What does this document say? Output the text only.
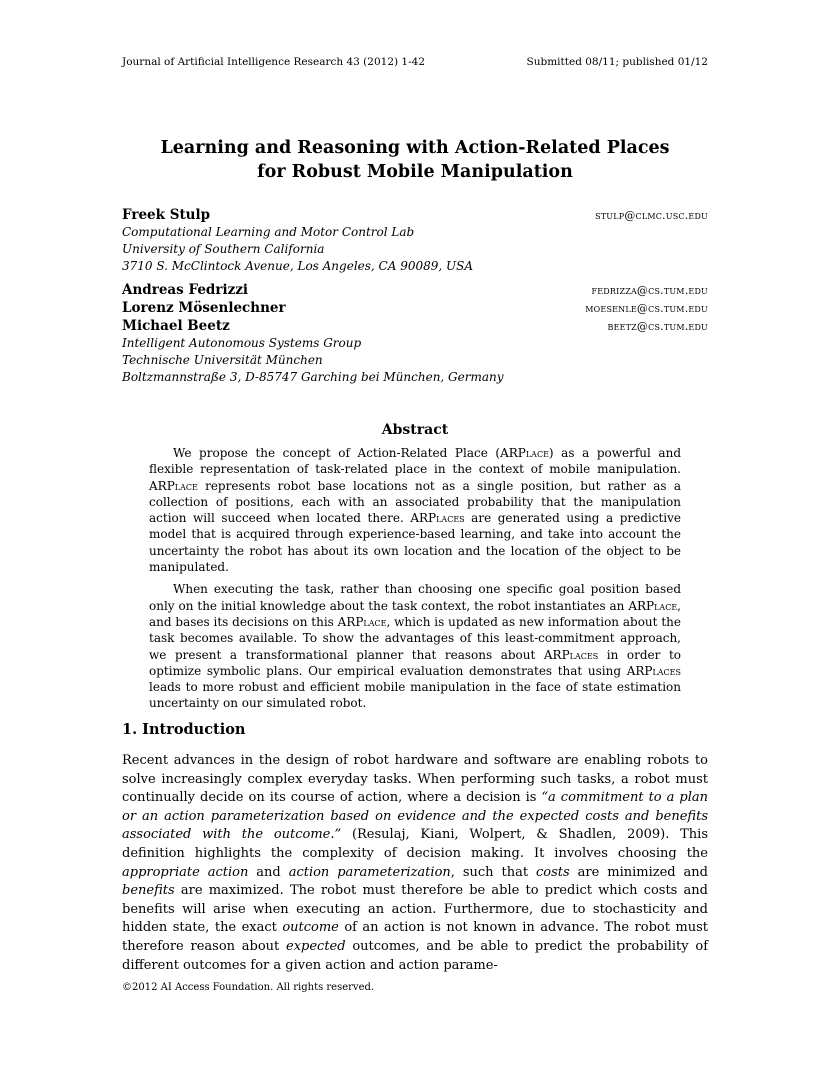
Journal of Artificial Intelligence Research 43 (2012) 1-42	Submitted 08/11; published 01/12
Learning and Reasoning with Action-Related Places
for Robust Mobile Manipulation
Freek Stulp	stulp@clmc.usc.edu
Computational Learning and Motor Control Lab
University of Southern California
3710 S. McClintock Avenue, Los Angeles, CA 90089, USA
Andreas Fedrizzi	fedrizza@cs.tum.edu
Lorenz Mösenlechner	moesenle@cs.tum.edu
Michael Beetz	beetz@cs.tum.edu
Intelligent Autonomous Systems Group
Technische Universität München
Boltzmannstraße 3, D-85747 Garching bei München, Germany
Abstract

We propose the concept of Action-Related Place (ARPlace) as a powerful and flexible representation of task-related place in the context of mobile manipulation. ARPlace represents robot base locations not as a single position, but rather as a collection of positions, each with an associated probability that the manipulation action will succeed when located there. ARPlaces are generated using a predictive model that is acquired through experience-based learning, and take into account the uncertainty the robot has about its own location and the location of the object to be manipulated.

When executing the task, rather than choosing one specific goal position based only on the initial knowledge about the task context, the robot instantiates an ARPlace, and bases its decisions on this ARPlace, which is updated as new information about the task becomes available. To show the advantages of this least-commitment approach, we present a transformational planner that reasons about ARPlaces in order to optimize symbolic plans. Our empirical evaluation demonstrates that using ARPlaces leads to more robust and efficient mobile manipulation in the face of state estimation uncertainty on our simulated robot.

1. Introduction

Recent advances in the design of robot hardware and software are enabling robots to solve increasingly complex everyday tasks. When performing such tasks, a robot must continually decide on its course of action, where a decision is “a commitment to a plan or an action parameterization based on evidence and the expected costs and benefits associated with the outcome.” (Resulaj, Kiani, Wolpert, & Shadlen, 2009). This definition highlights the complexity of decision making. It involves choosing the appropriate action and action parameterization, such that costs are minimized and benefits are maximized. The robot must therefore be able to predict which costs and benefits will arise when executing an action. Furthermore, due to stochasticity and hidden state, the exact outcome of an action is not known in advance. The robot must therefore reason about expected outcomes, and be able to predict the probability of different outcomes for a given action and action parame-

©2012 AI Access Foundation. All rights reserved.
